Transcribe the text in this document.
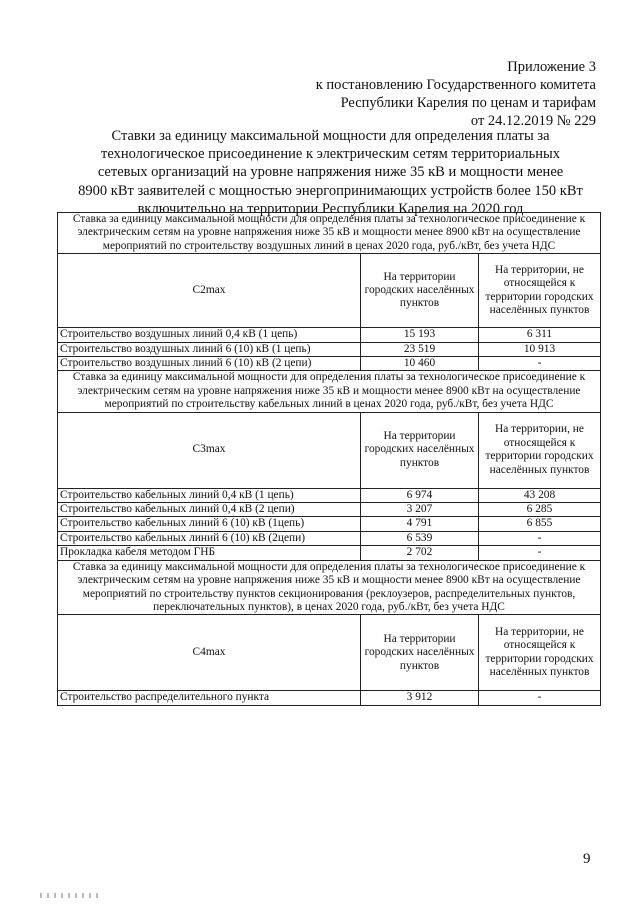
Приложение 3
к постановлению Государственного комитета
Республики Карелия по ценам и тарифам
от 24.12.2019 № 229
Ставки за единицу максимальной мощности для определения платы за
технологическое присоединение к электрическим сетям территориальных
сетевых организаций на уровне напряжения ниже 35 кВ и мощности менее
8900 кВт заявителей с мощностью энергопринимающих устройств более 150 кВт
включительно на территории Республики Карелия на 2020 год
Ставка за единицу максимальной мощности для определения платы за технологическое присоединение к электрическим сетям на уровне напряжения ниже 35 кВ и мощности менее 8900 кВт на осуществление мероприятий по строительству воздушных линий в ценах 2020 года, руб./кВт, без учета НДС		
C2max	На территории городских населённых пунктов	На территории, не относящейся к территории городских населённых пунктов
Строительство воздушных линий 0,4 кВ (1 цепь)	15 193	6 311
Строительство воздушных линий 6 (10) кВ (1 цепь)	23 519	10 913
Строительство воздушных линий 6 (10) кВ (2 цепи)	10 460	-
Ставка за единицу максимальной мощности для определения платы за технологическое присоединение к электрическим сетям на уровне напряжения ниже 35 кВ и мощности менее 8900 кВт на осуществление мероприятий по строительству кабельных линий в ценах 2020 года, руб./кВт, без учета НДС		
C3max	На территории городских населённых пунктов	На территории, не относящейся к территории городских населённых пунктов
Строительство кабельных линий 0,4 кВ (1 цепь)	6 974	43 208
Строительство кабельных линий 0,4 кВ (2 цепи)	3 207	6 285
Строительство кабельных линий 6 (10) кВ (1цепь)	4 791	6 855
Строительство кабельных линий 6 (10) кВ (2цепи)	6 539	-
Прокладка кабеля методом ГНБ	2 702	-
Ставка за единицу максимальной мощности для определения платы за технологическое присоединение к электрическим сетям на уровне напряжения ниже 35 кВ и мощности менее 8900 кВт на осуществление мероприятий по строительству пунктов секционирования (реклоузеров, распределительных пунктов, переключательных пунктов), в ценах 2020 года, руб./кВт, без учета НДС		
C4max	На территории городских населённых пунктов	На территории, не относящейся к территории городских населённых пунктов
Строительство распределительного пункта	3 912	-
9
